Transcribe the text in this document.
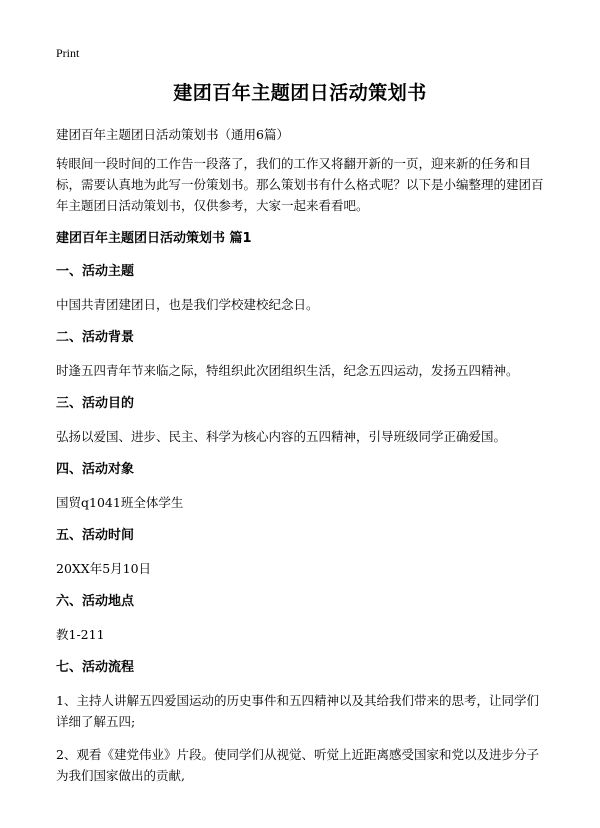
Print
建团百年主题团日活动策划书

建团百年主题团日活动策划书（通用6篇）

转眼间一段时间的工作告一段落了，我们的工作又将翻开新的一页，迎来新的任务和目标，需要认真地为此写一份策划书。那么策划书有什么格式呢？以下是小编整理的建团百年主题团日活动策划书，仅供参考，大家一起来看看吧。

建团百年主题团日活动策划书 篇1

一、活动主题

中国共青团建团日，也是我们学校建校纪念日。

二、活动背景

时逢五四青年节来临之际，特组织此次团组织生活，纪念五四运动，发扬五四精神。

三、活动目的

弘扬以爱国、进步、民主、科学为核心内容的五四精神，引导班级同学正确爱国。

四、活动对象

国贸q1041班全体学生

五、活动时间

20XX年5月10日

六、活动地点

教1-211

七、活动流程

1、主持人讲解五四爱国运动的历史事件和五四精神以及其给我们带来的思考，让同学们详细了解五四;

2、观看《建党伟业》片段。使同学们从视觉、听觉上近距离感受国家和党以及进步分子为我们国家做出的贡献,
